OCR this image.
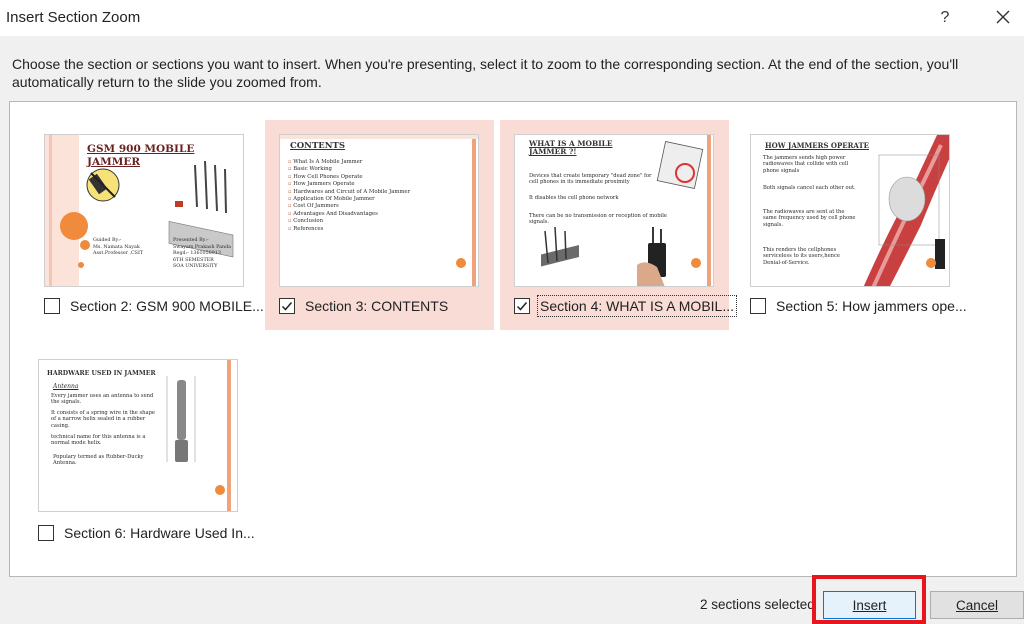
Insert Section Zoom	?
Choose the section or sections you want to insert. When you're presenting, select it to zoom to the corresponding section. At the end of the section, you'll automatically return to the slide you zoomed from.
GSM 900 MOBILE JAMMER
Guided By:-
Ms. Namata Nayak
Asst.Professor ,CSIT
Presented By:-
Swayam Prakash Panda
Regd:- 1361050913
6TH SEMESTER
SOA UNIVERSITY
Section 2: GSM 900 MOBILE...
CONTENTS
▫ What Is A Mobile Jammer
▫ Basic Working
▫ How Cell Phones Operate
▫ How Jammers Operate
▫ Hardwares and Circuit of A Mobile Jammer
▫ Application Of Mobile Jammer
▫ Cost Of Jammers
▫ Advantages And Disadvantages
▫ Conclusion
▫ References
Section 3: CONTENTS
WHAT IS A MOBILE JAMMER ?!
Devices that create temporary "dead zone" for cell phones in its immediate proximity
It disables the cell phone network
There can be no transmission or reception of mobile signals.
Section 4: WHAT IS A MOBIL...
HOW JAMMERS OPERATE
The jammers sends high power radiowaves that collide with cell phone signals
Both signals cancel each other out.
The radiowaves are sent at the same frequency used by cell phone signals.
This renders the cellphones serviceless to its users,hence Denial-of-Service.
Section 5: How jammers ope...
HARDWARE USED IN JAMMER
Antenna
Every jammer uses an antenna to send the signals.
It consists of a spring wire in the shape of a narrow helix sealed in a rubber casing.
technical name for this antenna is a normal mode helix.
Populary termed as Rubber-Ducky Antenna.
Section 6: Hardware Used In...
2 sections selected	Insert	Cancel
